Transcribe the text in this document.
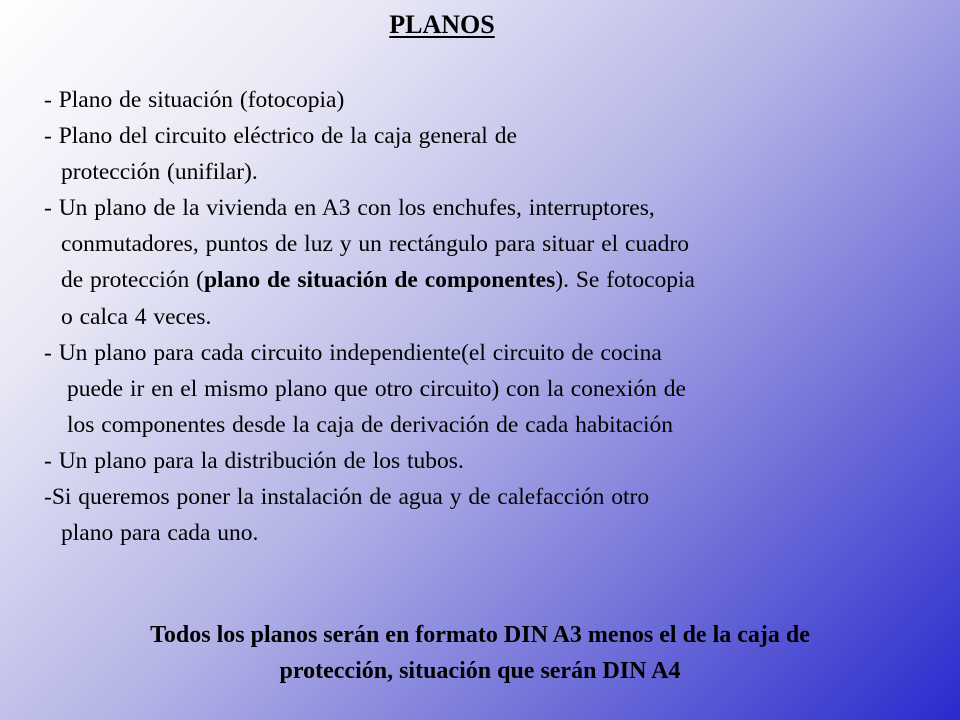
PLANOS
- Plano de situación (fotocopia)
- Plano del circuito eléctrico de la caja general de
protección (unifilar).
- Un plano de la vivienda en A3 con los enchufes, interruptores,
conmutadores, puntos de luz y un rectángulo para situar el cuadro
de protección (plano de situación de componentes). Se fotocopia
o calca 4 veces.
- Un plano para cada circuito independiente(el circuito de cocina
puede ir en el mismo plano que otro circuito) con la conexión de
los componentes desde la caja de derivación de cada habitación
- Un plano para la distribución de los tubos.
-Si queremos poner la instalación de agua y de calefacción otro
plano para cada uno.
Todos los planos serán en formato DIN A3 menos el de la caja de
protección, situación que serán DIN A4
